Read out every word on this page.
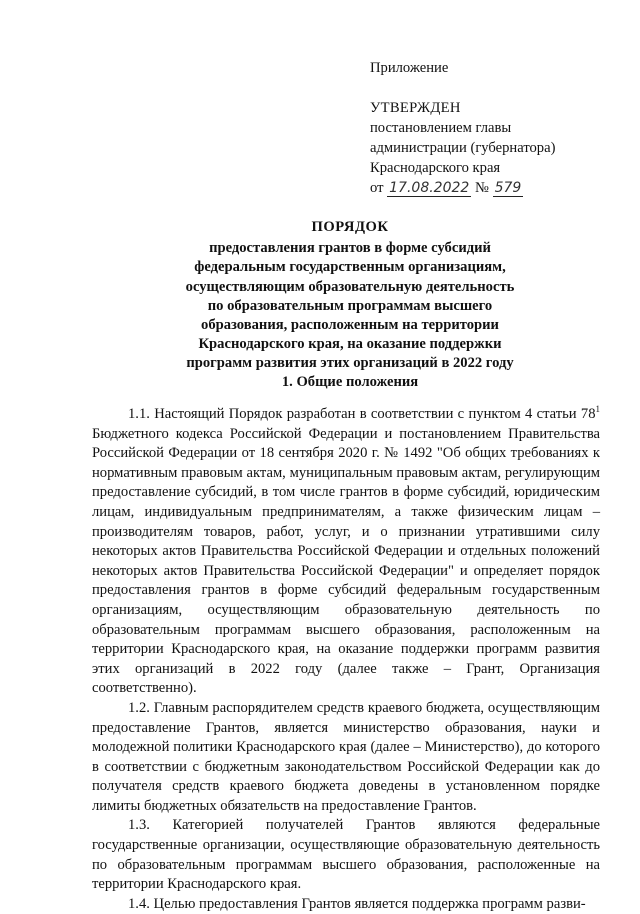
Приложение
УТВЕРЖДЕН
постановлением главы
администрации (губернатора)
Краснодарского края
от 17.08.2022 № 579
ПОРЯДОК
предоставления грантов в форме субсидий
федеральным государственным организациям,
осуществляющим образовательную деятельность
по образовательным программам высшего
образования, расположенным на территории
Краснодарского края, на оказание поддержки
программ развития этих организаций в 2022 году
1. Общие положения

1.1. Настоящий Порядок разработан в соответствии с пунктом 4 статьи $78^1$ Бюджетного кодекса Российской Федерации и постановлением Правительства Российской Федерации от 18 сентября 2020 г. № 1492 "Об общих требованиях к нормативным правовым актам, муниципальным правовым актам, регулирующим предоставление субсидий, в том числе грантов в форме субсидий, юридическим лицам, индивидуальным предпринимателям, а также физическим лицам – производителям товаров, работ, услуг, и о признании утратившими силу некоторых актов Правительства Российской Федерации и отдельных положений некоторых актов Правительства Российской Федерации" и определяет порядок предоставления грантов в форме субсидий федеральным государственным организациям, осуществляющим образовательную деятельность по образовательным программам высшего образования, расположенным на территории Краснодарского края, на оказание поддержки программ развития этих организаций в 2022 году (далее также – Грант, Организация соответственно).

1.2. Главным распорядителем средств краевого бюджета, осуществляющим предоставление Грантов, является министерство образования, науки и молодежной политики Краснодарского края (далее – Министерство), до которого в соответствии с бюджетным законодательством Российской Федерации как до получателя средств краевого бюджета доведены в установленном порядке лимиты бюджетных обязательств на предоставление Грантов.

1.3. Категорией получателей Грантов являются федеральные государственные организации, осуществляющие образовательную деятельность по образовательным программам высшего образования, расположенные на территории Краснодарского края.

1.4. Целью предоставления Грантов является поддержка программ разви-
